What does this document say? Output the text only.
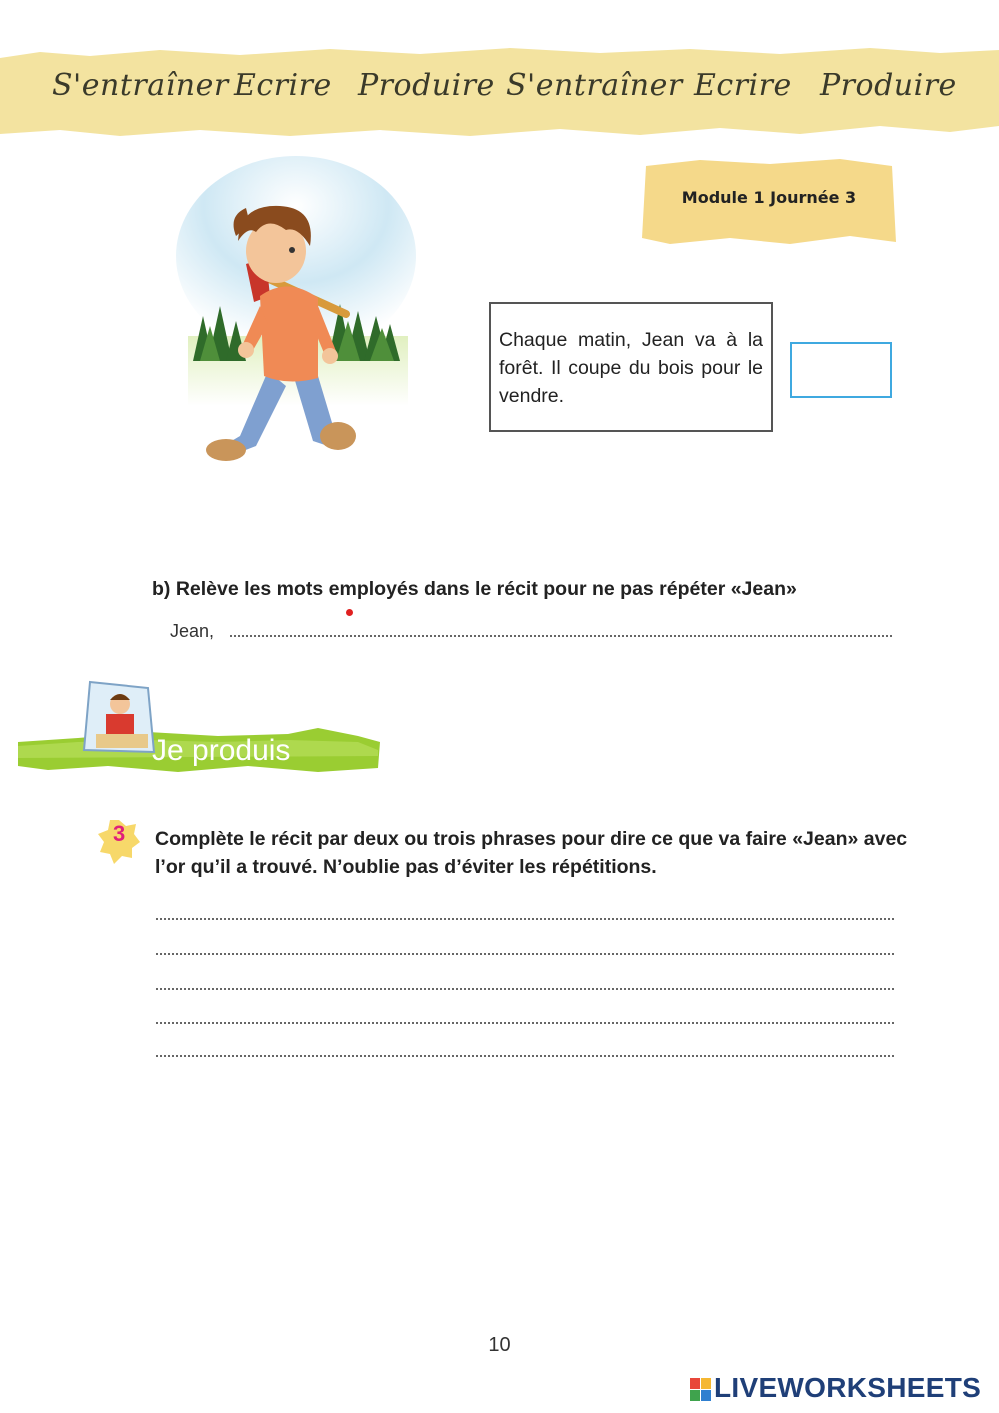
S'entraîner Ecrire Produire S'entraîner Ecrire Produire
Module 1 Journée 3
Chaque matin, Jean va à la forêt. Il coupe du bois pour le vendre.
b) Relève les mots employés dans le récit pour ne pas répéter «Jean»
Jean,
Je produis
3 Complète le récit par deux ou trois phrases pour dire ce que va faire «Jean» avec l’or qu’il a trouvé. N’oublie pas d’éviter les répétitions.
10
LIVEWORKSHEETS
